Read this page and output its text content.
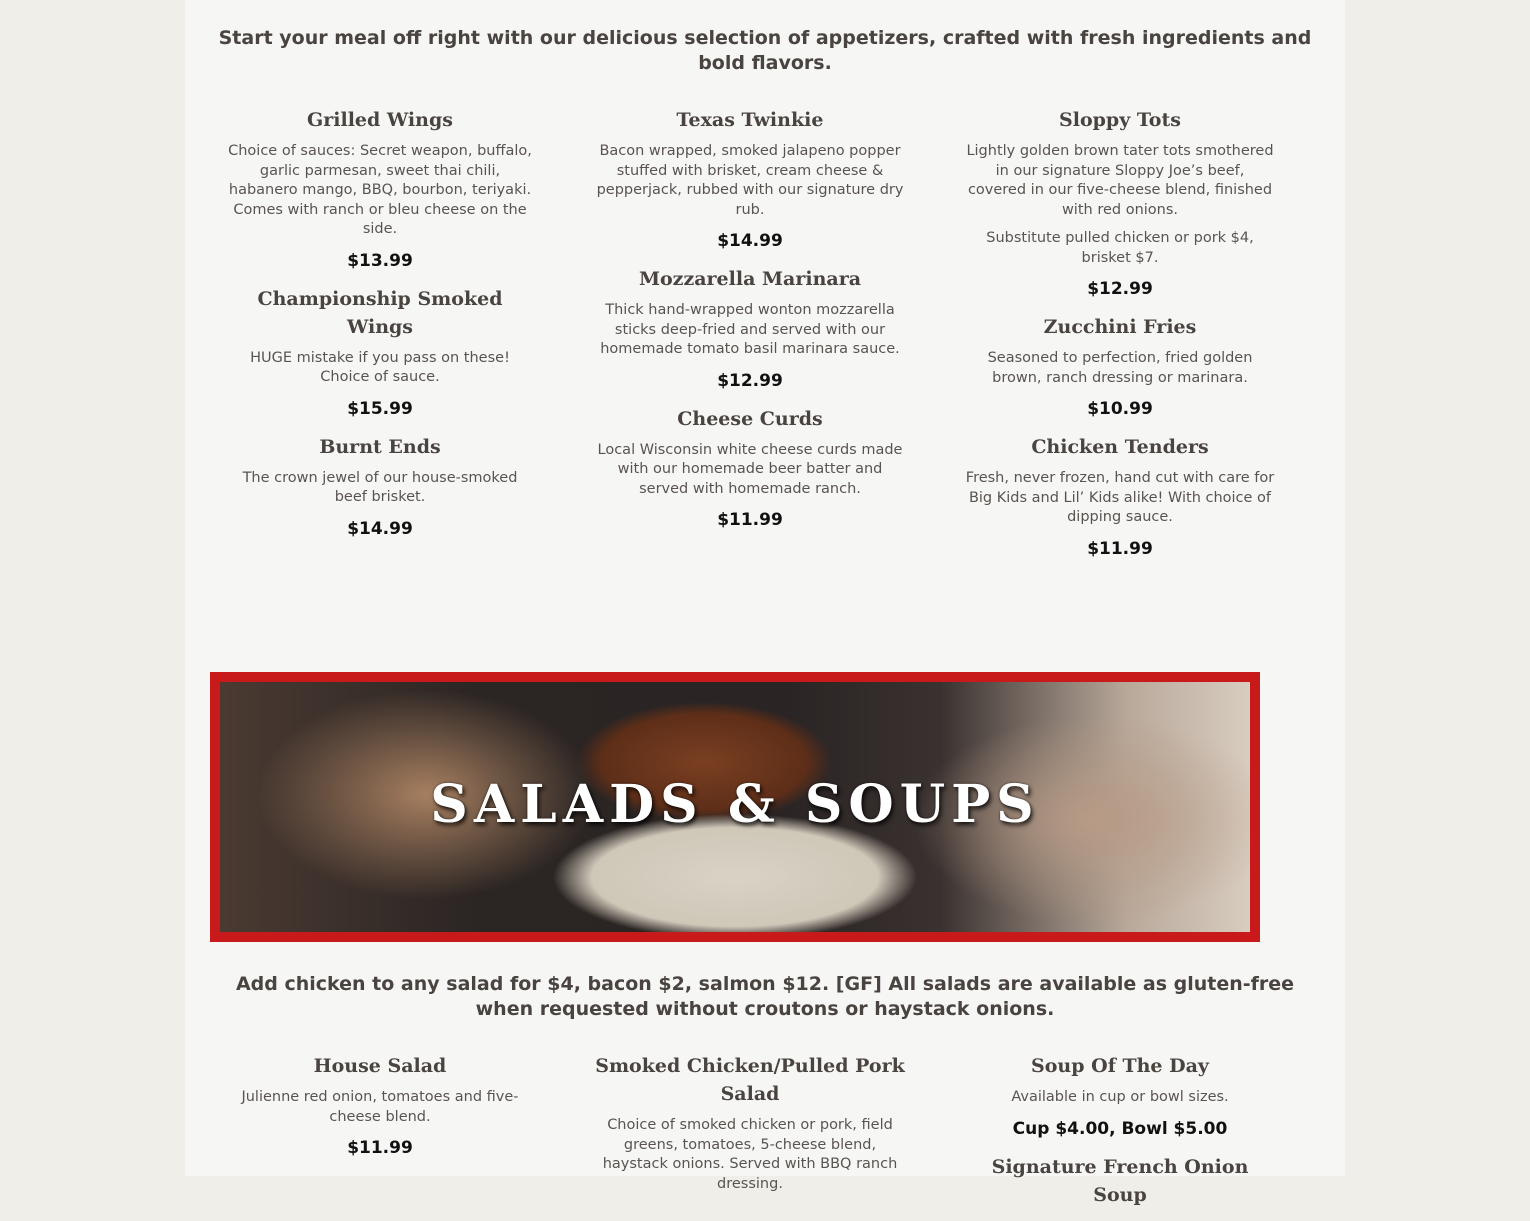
Start your meal off right with our delicious selection of appetizers, crafted with fresh ingredients and bold flavors.
Grilled Wings

Choice of sauces: Secret weapon, buffalo, garlic parmesan, sweet thai chili, habanero mango, BBQ, bourbon, teriyaki. Comes with ranch or bleu cheese on the side.

$13.99
Championship Smoked Wings

HUGE mistake if you pass on these! Choice of sauce.

$15.99
Burnt Ends

The crown jewel of our house-smoked beef brisket.

$14.99
Texas Twinkie

Bacon wrapped, smoked jalapeno popper stuffed with brisket, cream cheese & pepperjack, rubbed with our signature dry rub.

$14.99
Mozzarella Marinara

Thick hand-wrapped wonton mozzarella sticks deep-fried and served with our homemade tomato basil marinara sauce.

$12.99
Cheese Curds

Local Wisconsin white cheese curds made with our homemade beer batter and served with homemade ranch.

$11.99
Sloppy Tots

Lightly golden brown tater tots smothered in our signature Sloppy Joe’s beef, covered in our five-cheese blend, finished with red onions.

Substitute pulled chicken or pork $4, brisket $7.

$12.99
Zucchini Fries

Seasoned to perfection, fried golden brown, ranch dressing or marinara.

$10.99
Chicken Tenders

Fresh, never frozen, hand cut with care for Big Kids and Lil’ Kids alike! With choice of dipping sauce.

$11.99
SALADS & SOUPS
Add chicken to any salad for $4, bacon $2, salmon $12. [GF] All salads are available as gluten-free when requested without croutons or haystack onions.
House Salad

Julienne red onion, tomatoes and five-cheese blend.

$11.99
Smoked Chicken/Pulled Pork Salad

Choice of smoked chicken or pork, field greens, tomatoes, 5-cheese blend, haystack onions. Served with BBQ ranch dressing.

Soup Of The Day

Available in cup or bowl sizes.

Cup $4.00, Bowl $5.00
Signature French Onion Soup
